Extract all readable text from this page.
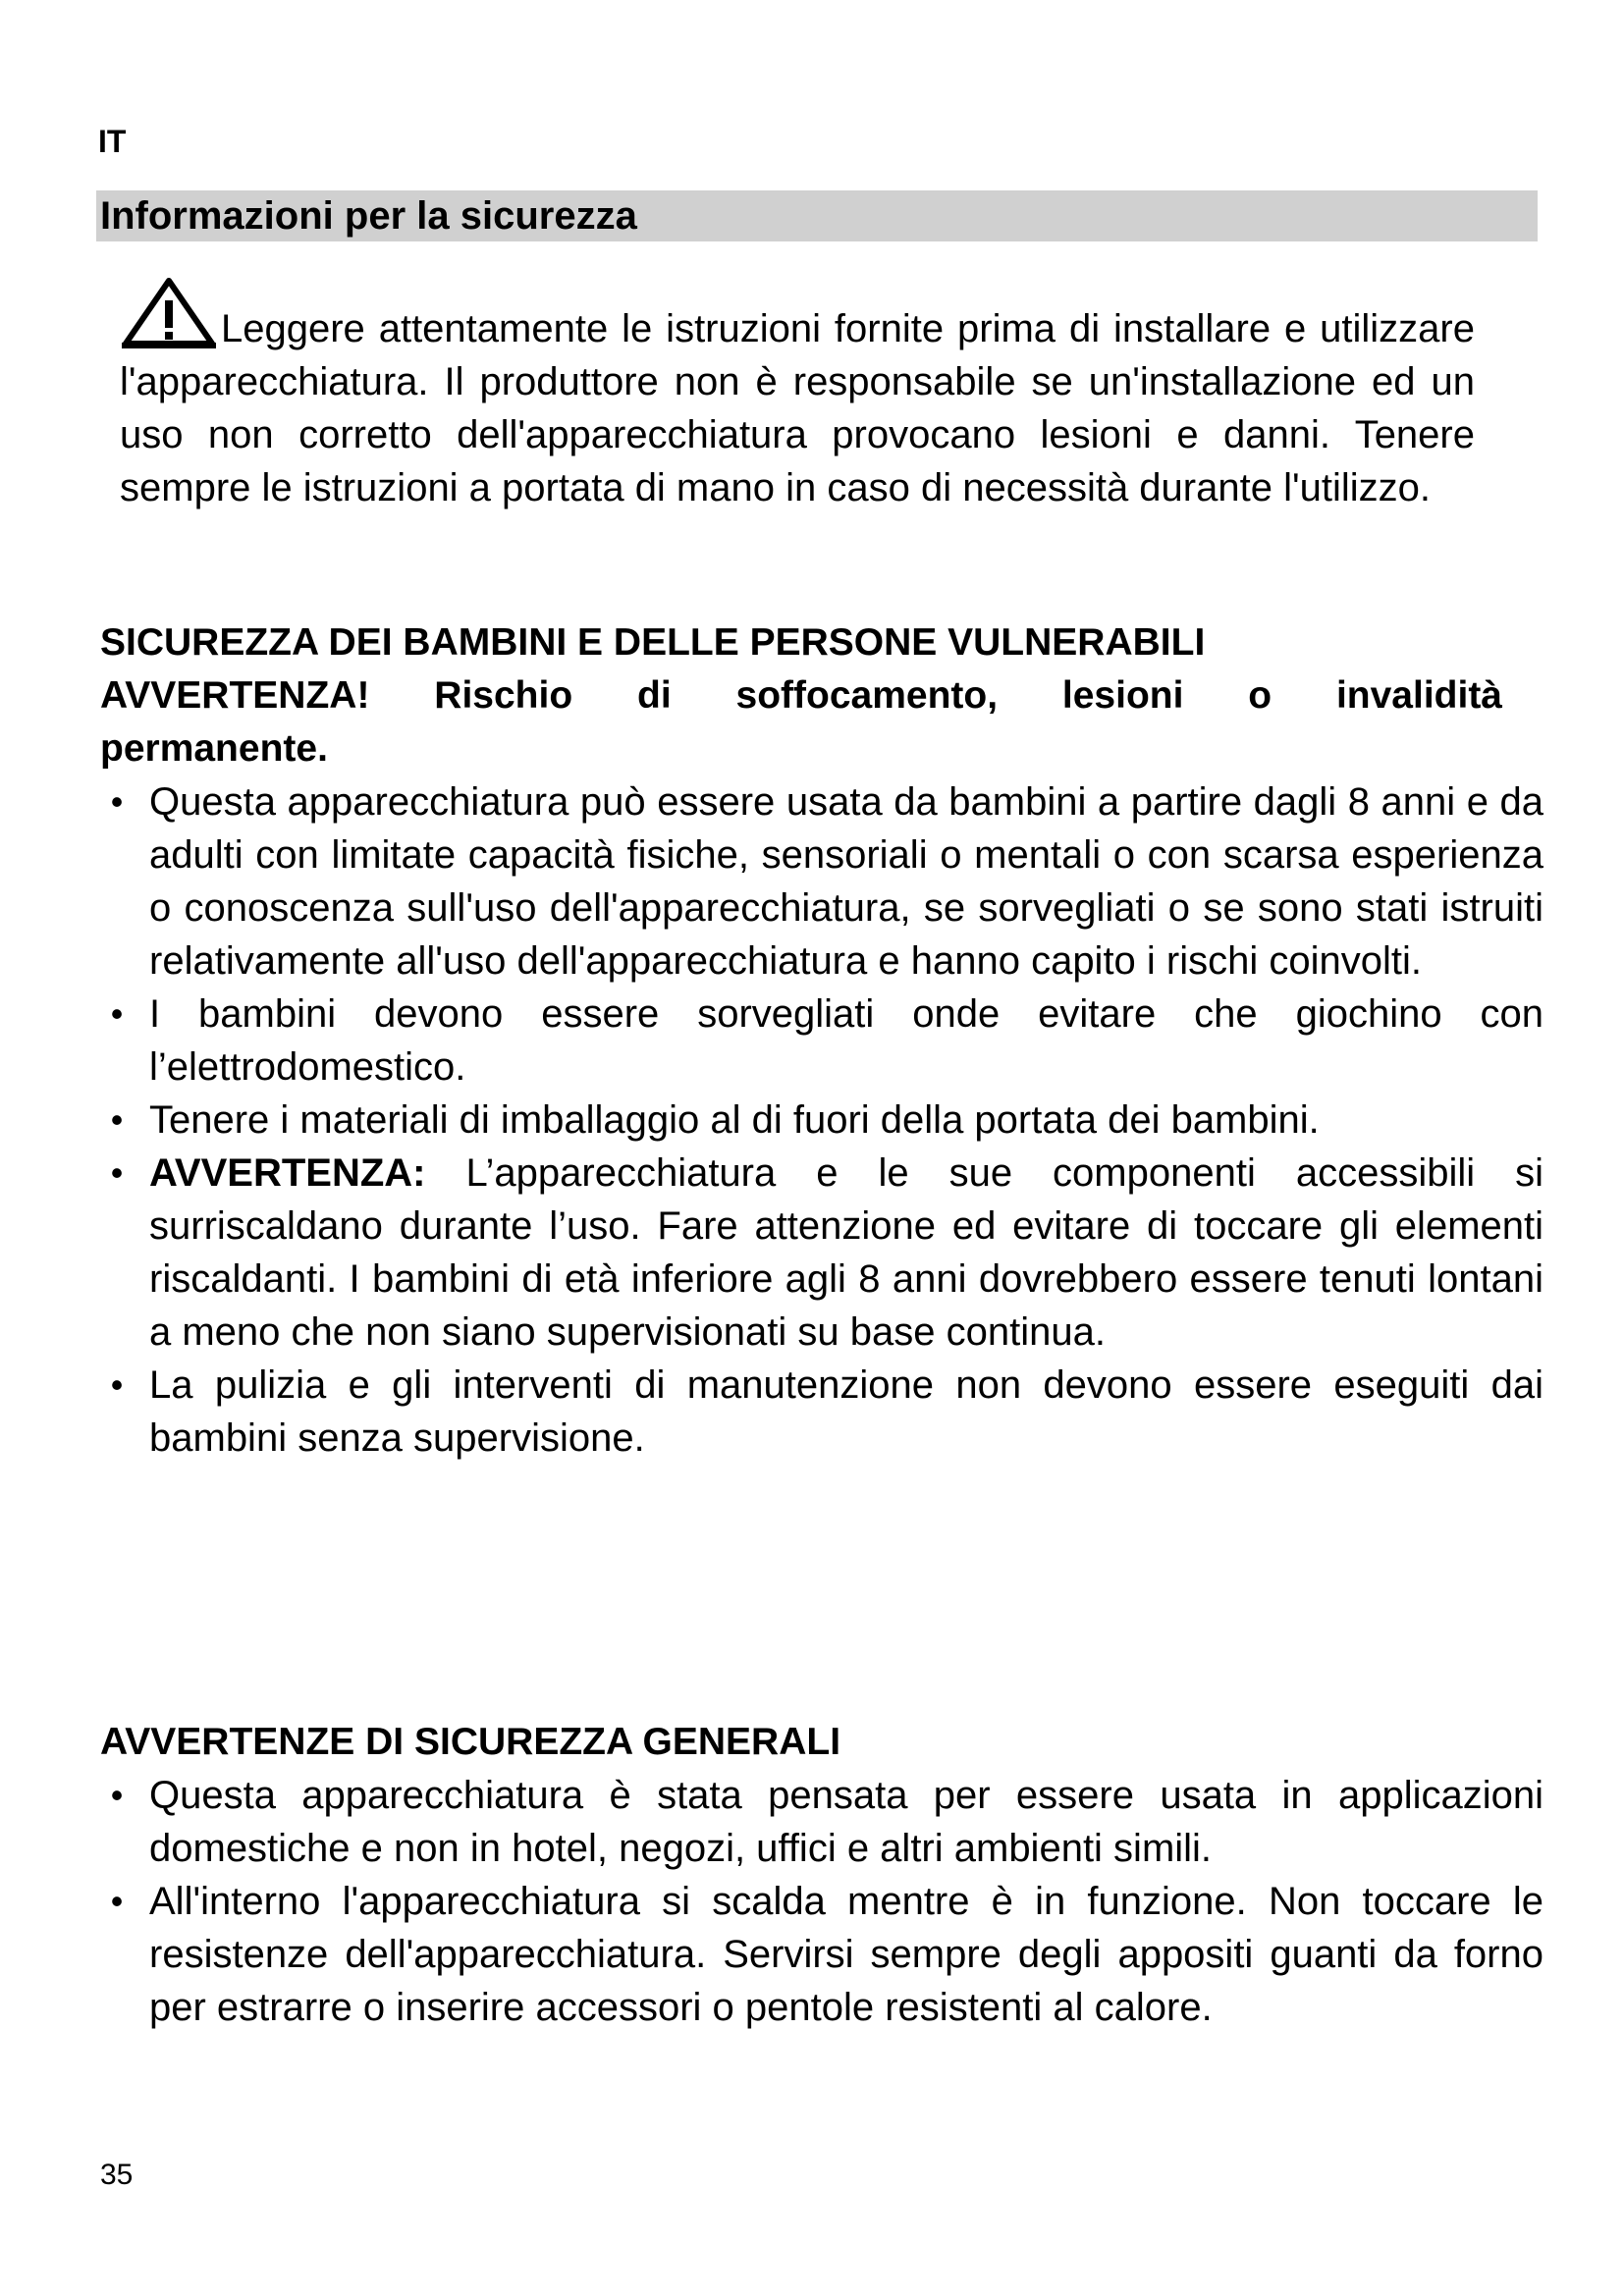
IT
Informazioni per la sicurezza
Leggere attentamente le istruzioni fornite prima di installare e utilizzare l'apparecchiatura. Il produttore non è responsabile se un'installazione ed un uso non corretto dell'apparecchiatura provocano lesioni e danni. Tenere sempre le istruzioni a portata di mano in caso di necessità durante l'utilizzo.
SICUREZZA DEI BAMBINI E DELLE PERSONE VULNERABILI
AVVERTENZA! Rischio di soffocamento, lesioni o invalidità
permanente.
• Questa apparecchiatura può essere usata da bambini a partire dagli 8 anni e da adulti con limitate capacità fisiche, sensoriali o mentali o con scarsa esperienza o conoscenza sull'uso dell'apparecchiatura, se sorvegliati o se sono stati istruiti relativamente all'uso dell'apparecchiatura e hanno capito i rischi coinvolti.
• I bambini devono essere sorvegliati onde evitare che giochino con l’elettrodomestico.
• Tenere i materiali di imballaggio al di fuori della portata dei bambini.
• AVVERTENZA: L’apparecchiatura e le sue componenti accessibili si surriscaldano durante l’uso. Fare attenzione ed evitare di toccare gli elementi riscaldanti. I bambini di età inferiore agli 8 anni dovrebbero essere tenuti lontani a meno che non siano supervisionati su base continua.
• La pulizia e gli interventi di manutenzione non devono essere eseguiti dai bambini senza supervisione.
AVVERTENZE DI SICUREZZA GENERALI
• Questa apparecchiatura è stata pensata per essere usata in applicazioni domestiche e non in hotel, negozi, uffici e altri ambienti simili.
• All'interno l'apparecchiatura si scalda mentre è in funzione. Non toccare le resistenze dell'apparecchiatura. Servirsi sempre degli appositi guanti da forno per estrarre o inserire accessori o pentole resistenti al calore.
35
